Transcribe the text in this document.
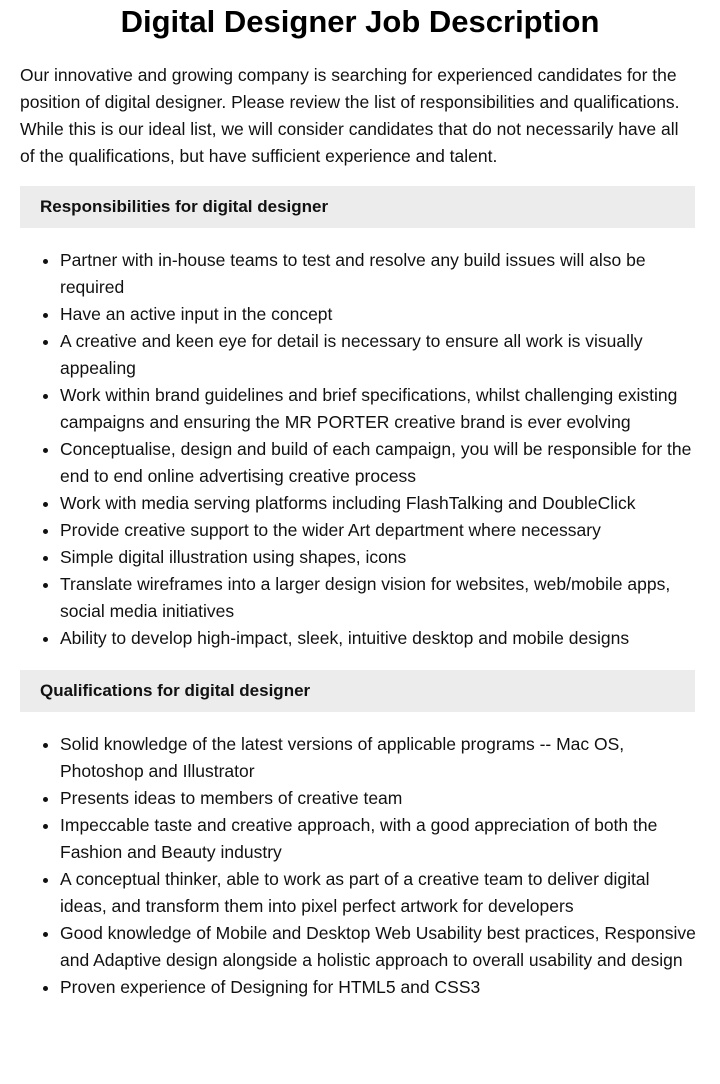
Digital Designer Job Description

Our innovative and growing company is searching for experienced candidates for the position of digital designer. Please review the list of responsibilities and qualifications. While this is our ideal list, we will consider candidates that do not necessarily have all of the qualifications, but have sufficient experience and talent.

Responsibilities for digital designer
• Partner with in-house teams to test and resolve any build issues will also be required
• Have an active input in the concept
• A creative and keen eye for detail is necessary to ensure all work is visually appealing
• Work within brand guidelines and brief specifications, whilst challenging existing campaigns and ensuring the MR PORTER creative brand is ever evolving
• Conceptualise, design and build of each campaign, you will be responsible for the end to end online advertising creative process
• Work with media serving platforms including FlashTalking and DoubleClick
• Provide creative support to the wider Art department where necessary
• Simple digital illustration using shapes, icons
• Translate wireframes into a larger design vision for websites, web/mobile apps, social media initiatives
• Ability to develop high-impact, sleek, intuitive desktop and mobile designs
Qualifications for digital designer
• Solid knowledge of the latest versions of applicable programs -- Mac OS, Photoshop and Illustrator
• Presents ideas to members of creative team
• Impeccable taste and creative approach, with a good appreciation of both the Fashion and Beauty industry
• A conceptual thinker, able to work as part of a creative team to deliver digital ideas, and transform them into pixel perfect artwork for developers
• Good knowledge of Mobile and Desktop Web Usability best practices, Responsive and Adaptive design alongside a holistic approach to overall usability and design
• Proven experience of Designing for HTML5 and CSS3
